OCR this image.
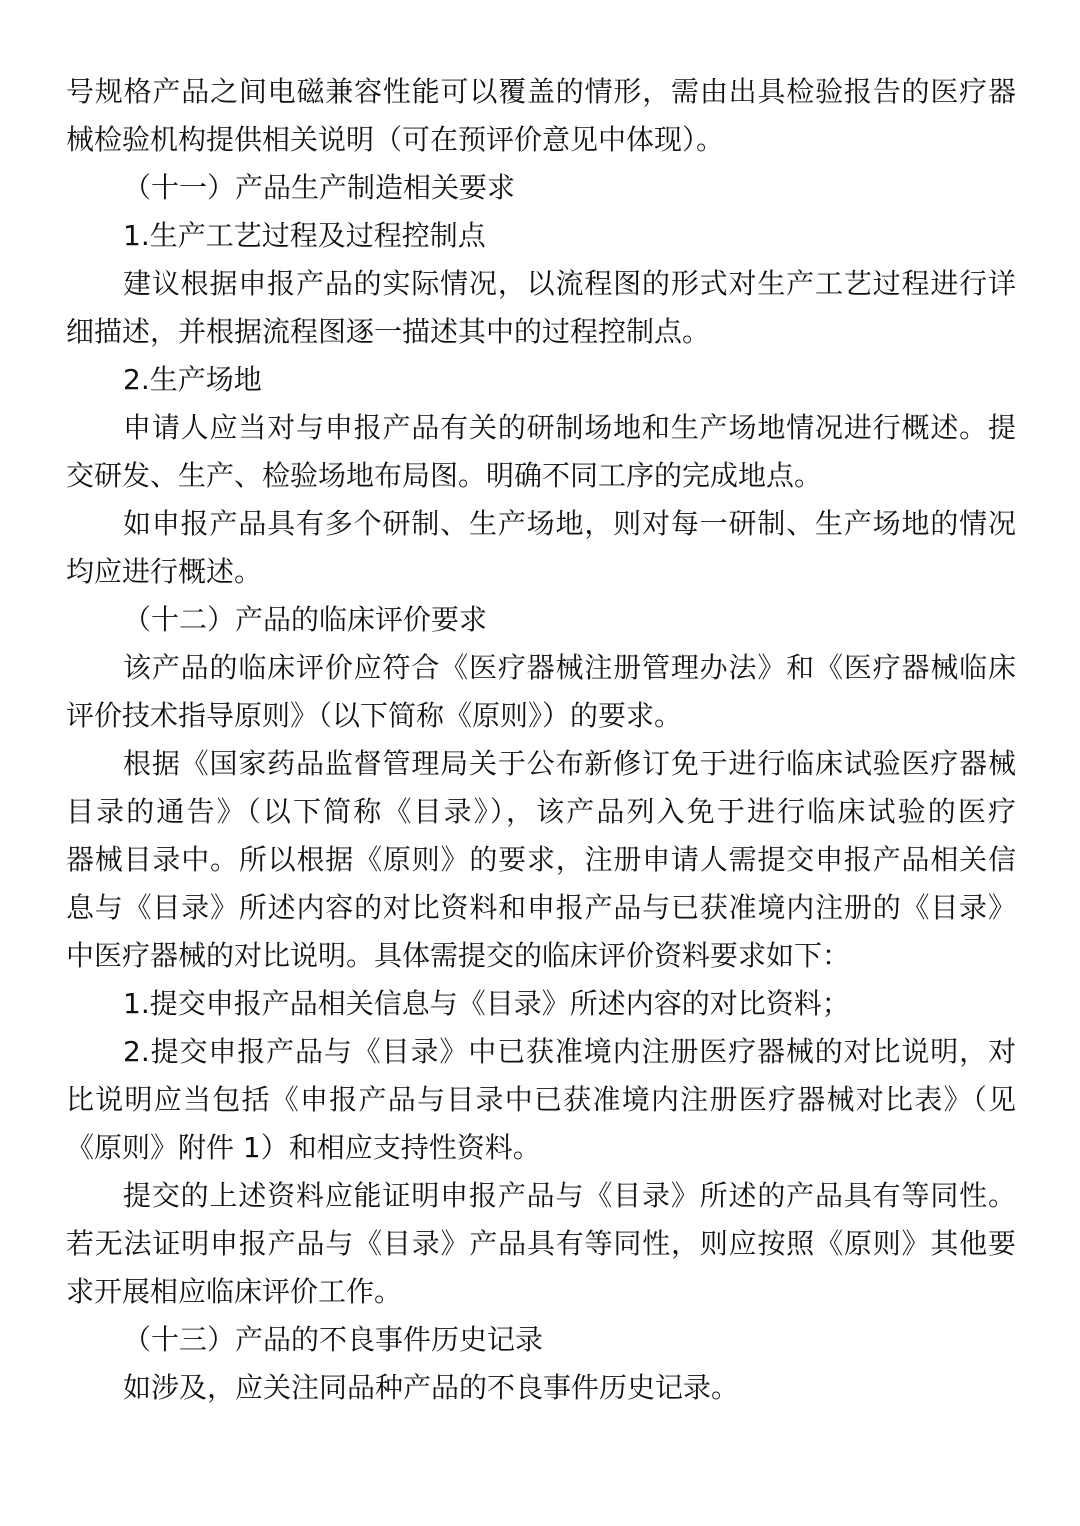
号规格产品之间电磁兼容性能可以覆盖的情形，需由出具检验报告的医疗器
械检验机构提供相关说明（可在预评价意见中体现）。
（十一）产品生产制造相关要求
1.生产工艺过程及过程控制点
建议根据申报产品的实际情况，以流程图的形式对生产工艺过程进行详
细描述，并根据流程图逐一描述其中的过程控制点。
2.生产场地
申请人应当对与申报产品有关的研制场地和生产场地情况进行概述。提
交研发、生产、检验场地布局图。明确不同工序的完成地点。
如申报产品具有多个研制、生产场地，则对每一研制、生产场地的情况
均应进行概述。
（十二）产品的临床评价要求
该产品的临床评价应符合《医疗器械注册管理办法》和《医疗器械临床
评价技术指导原则》（以下简称《原则》）的要求。
根据《国家药品监督管理局关于公布新修订免于进行临床试验医疗器械
目录的通告》（以下简称《目录》），该产品列入免于进行临床试验的医疗
器械目录中。所以根据《原则》的要求，注册申请人需提交申报产品相关信
息与《目录》所述内容的对比资料和申报产品与已获准境内注册的《目录》
中医疗器械的对比说明。具体需提交的临床评价资料要求如下：
1.提交申报产品相关信息与《目录》所述内容的对比资料；
2.提交申报产品与《目录》中已获准境内注册医疗器械的对比说明，对
比说明应当包括《申报产品与目录中已获准境内注册医疗器械对比表》（见
《原则》附件 1）和相应支持性资料。
提交的上述资料应能证明申报产品与《目录》所述的产品具有等同性。
若无法证明申报产品与《目录》产品具有等同性，则应按照《原则》其他要
求开展相应临床评价工作。
（十三）产品的不良事件历史记录
如涉及，应关注同品种产品的不良事件历史记录。
